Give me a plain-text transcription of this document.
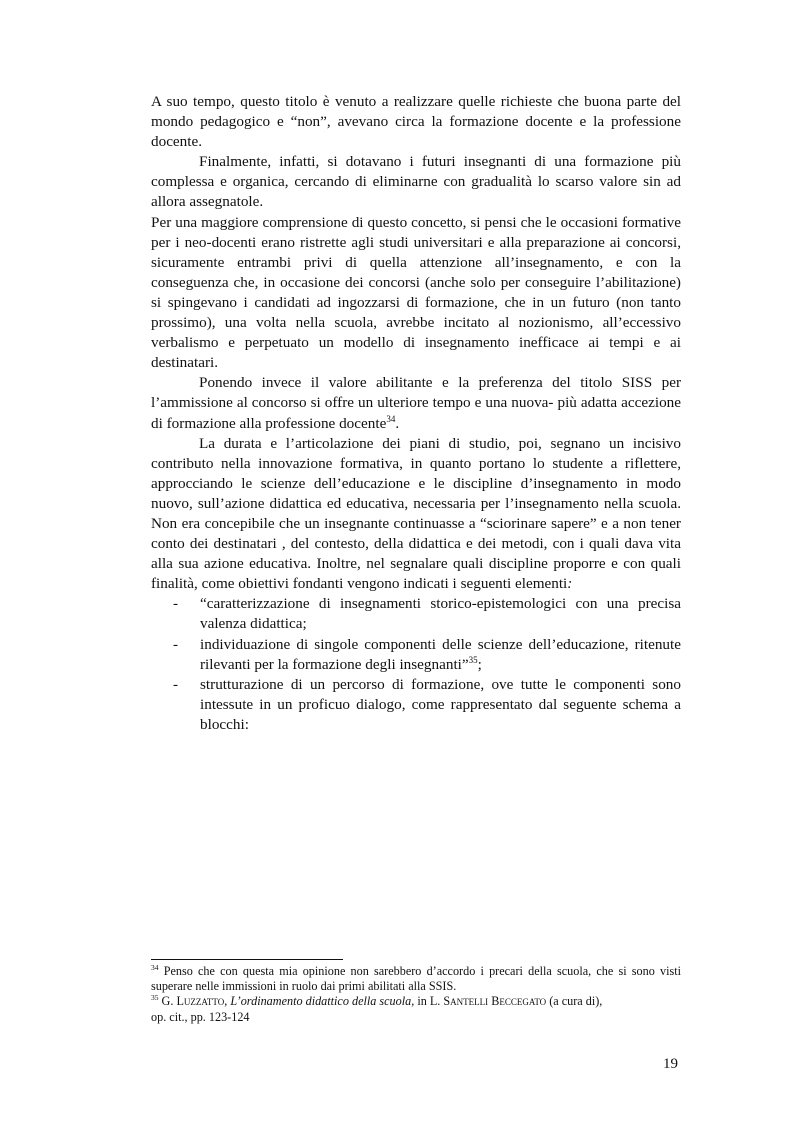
A suo tempo, questo titolo è venuto a realizzare quelle richieste che buona parte del mondo pedagogico e “non”, avevano circa la formazione docente e la professione docente.

Finalmente, infatti, si dotavano i futuri insegnanti di una formazione più complessa e organica, cercando di eliminarne con gradualità lo scarso valore sin ad allora assegnatole.

Per una maggiore comprensione di questo concetto, si pensi che le occasioni formative per i neo-docenti erano ristrette agli studi universitari e alla preparazione ai concorsi, sicuramente entrambi privi di quella attenzione all’insegnamento, e con la conseguenza che, in occasione dei concorsi (anche solo per conseguire l’abilitazione) si spingevano i candidati ad ingozzarsi di formazione, che in un futuro (non tanto prossimo), una volta nella scuola, avrebbe incitato al nozionismo, all’eccessivo verbalismo e perpetuato un modello di insegnamento inefficace ai tempi e ai destinatari.

Ponendo invece il valore abilitante e la preferenza del titolo SISS per l’ammissione al concorso si offre un ulteriore tempo e una nuova- più adatta accezione di formazione alla professione docente$^{34}$.

La durata e l’articolazione dei piani di studio, poi, segnano un incisivo contributo nella innovazione formativa, in quanto portano lo studente a riflettere, approcciando le scienze dell’educazione e le discipline d’insegnamento in modo nuovo, sull’azione didattica ed educativa, necessaria per l’insegnamento nella scuola. Non era concepibile che un insegnante continuasse a “sciorinare sapere” e a non tener conto dei destinatari , del contesto, della didattica e dei metodi, con i quali dava vita alla sua azione educativa. Inoltre, nel segnalare quali discipline proporre e con quali finalità, come obiettivi fondanti vengono indicati i seguenti elementi:

- “caratterizzazione di insegnamenti storico-epistemologici con una precisa valenza didattica;
- individuazione di singole componenti delle scienze dell’educazione, ritenute rilevanti per la formazione degli insegnanti”$^{35}$;
- strutturazione di un percorso di formazione, ove tutte le componenti sono intessute in un proficuo dialogo, come rappresentato dal seguente schema a blocchi:

$^{34}$ Penso che con questa mia opinione non sarebbero d’accordo i precari della scuola, che si sono visti superare nelle immissioni in ruolo dai primi abilitati alla SSIS.

$^{35}$ G. Luzzatto, L’ordinamento didattico della scuola, in L. Santelli Beccegato (a cura di),
op. cit., pp. 123-124

19
